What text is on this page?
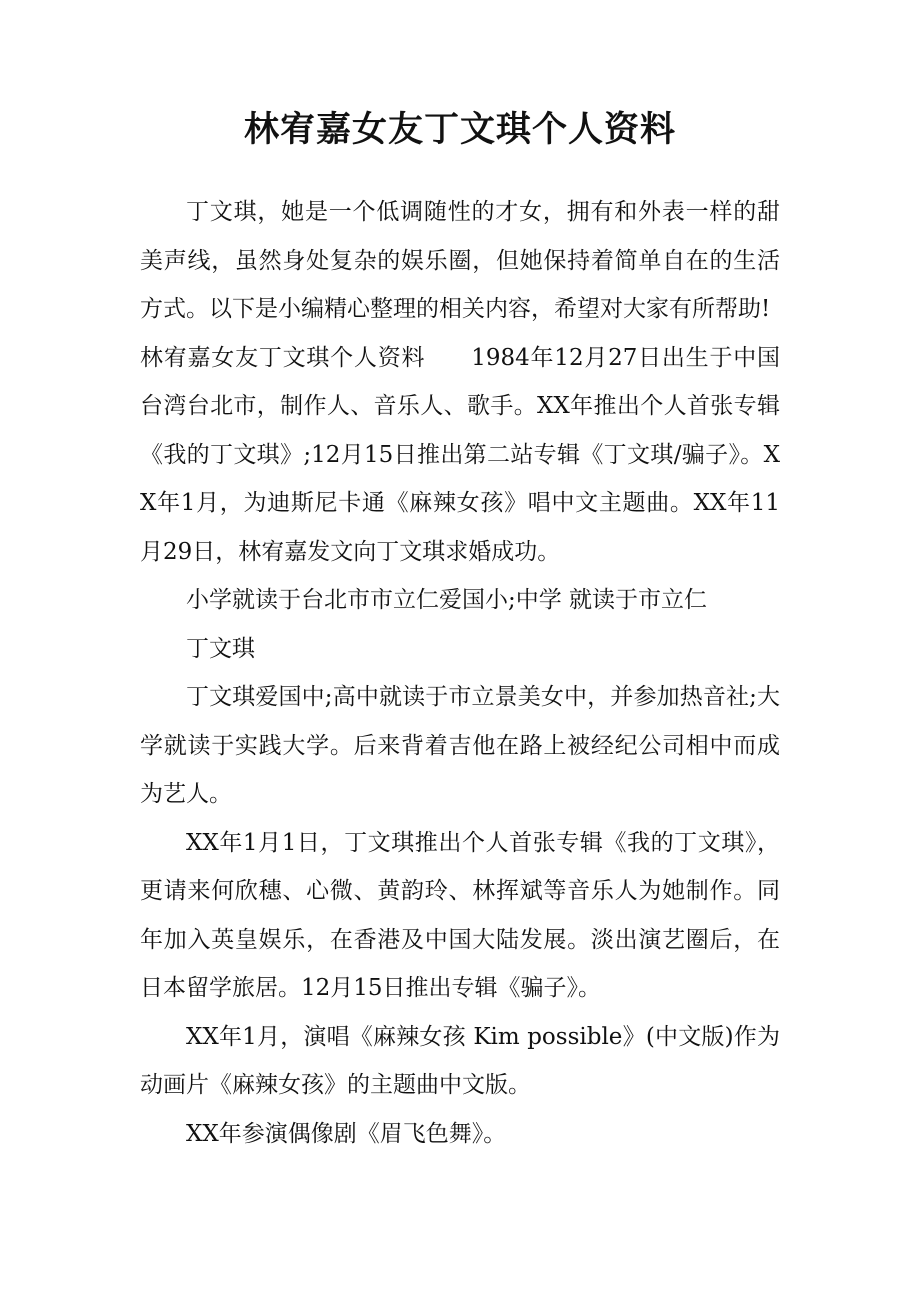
林宥嘉女友丁文琪个人资料

丁文琪，她是一个低调随性的才女，拥有和外表一样的甜美声线，虽然身处复杂的娱乐圈，但她保持着简单自在的生活方式。以下是小编精心整理的相关内容，希望对大家有所帮助!

林宥嘉女友丁文琪个人资料 1984年12月27日出生于中国台湾台北市，制作人、音乐人、歌手。XX年推出个人首张专辑《我的丁文琪》;12月15日推出第二站专辑《丁文琪/骗子》。XX年1月，为迪斯尼卡通《麻辣女孩》唱中文主题曲。XX年11月29日，林宥嘉发文向丁文琪求婚成功。

小学就读于台北市市立仁爱国小;中学 就读于市立仁

丁文琪

丁文琪爱国中;高中就读于市立景美女中，并参加热音社;大学就读于实践大学。后来背着吉他在路上被经纪公司相中而成为艺人。

XX年1月1日，丁文琪推出个人首张专辑《我的丁文琪》，更请来何欣穗、心微、黄韵玲、林挥斌等音乐人为她制作。同年加入英皇娱乐，在香港及中国大陆发展。淡出演艺圈后，在日本留学旅居。12月15日推出专辑《骗子》。

XX年1月，演唱《麻辣女孩 Kim possible》(中文版)作为动画片《麻辣女孩》的主题曲中文版。

XX年参演偶像剧《眉飞色舞》。
